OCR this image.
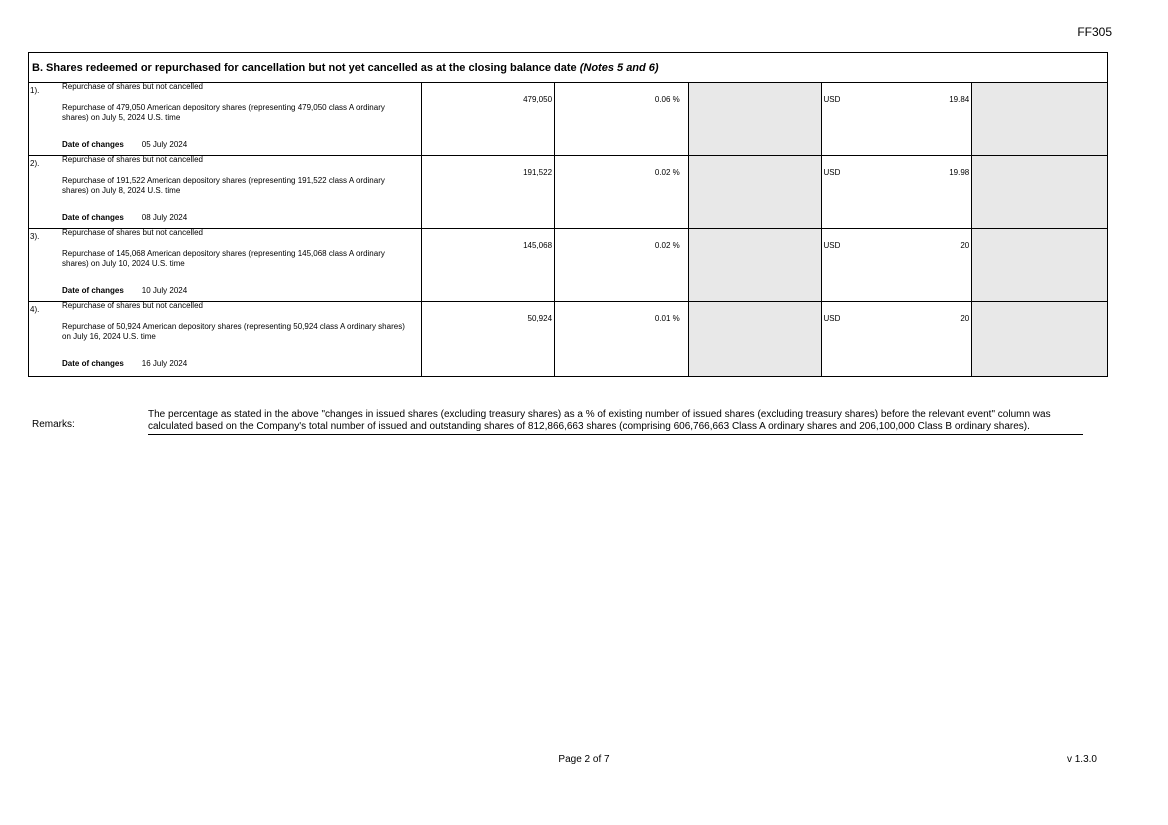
FF305
B. Shares redeemed or repurchased for cancellation but not yet cancelled as at the closing balance date (Notes 5 and 6)
1).	Repurchase of shares but not cancelled
Repurchase of 479,050 American depository shares (representing 479,050 class A ordinary shares) on July 5, 2024 U.S. time
Date of changes 05 July 2024
479,050	0.06 %	USD	19.84
2).	Repurchase of shares but not cancelled
Repurchase of 191,522 American depository shares (representing 191,522 class A ordinary shares) on July 8, 2024 U.S. time
Date of changes 08 July 2024
191,522	0.02 %	USD	19.98
3).	Repurchase of shares but not cancelled
Repurchase of 145,068 American depository shares (representing 145,068 class A ordinary shares) on July 10, 2024 U.S. time
Date of changes 10 July 2024
145,068	0.02 %	USD	20
4).	Repurchase of shares but not cancelled
Repurchase of 50,924 American depository shares (representing 50,924 class A ordinary shares) on July 16, 2024 U.S. time
Date of changes 16 July 2024
50,924	0.01 %	USD	20
Remarks:
The percentage as stated in the above "changes in issued shares (excluding treasury shares) as a % of existing number of issued shares (excluding treasury shares) before the relevant event" column was calculated based on the Company's total number of issued and outstanding shares of 812,866,663 shares (comprising 606,766,663 Class A ordinary shares and 206,100,000 Class B ordinary shares).
Page 2 of 7	v 1.3.0
